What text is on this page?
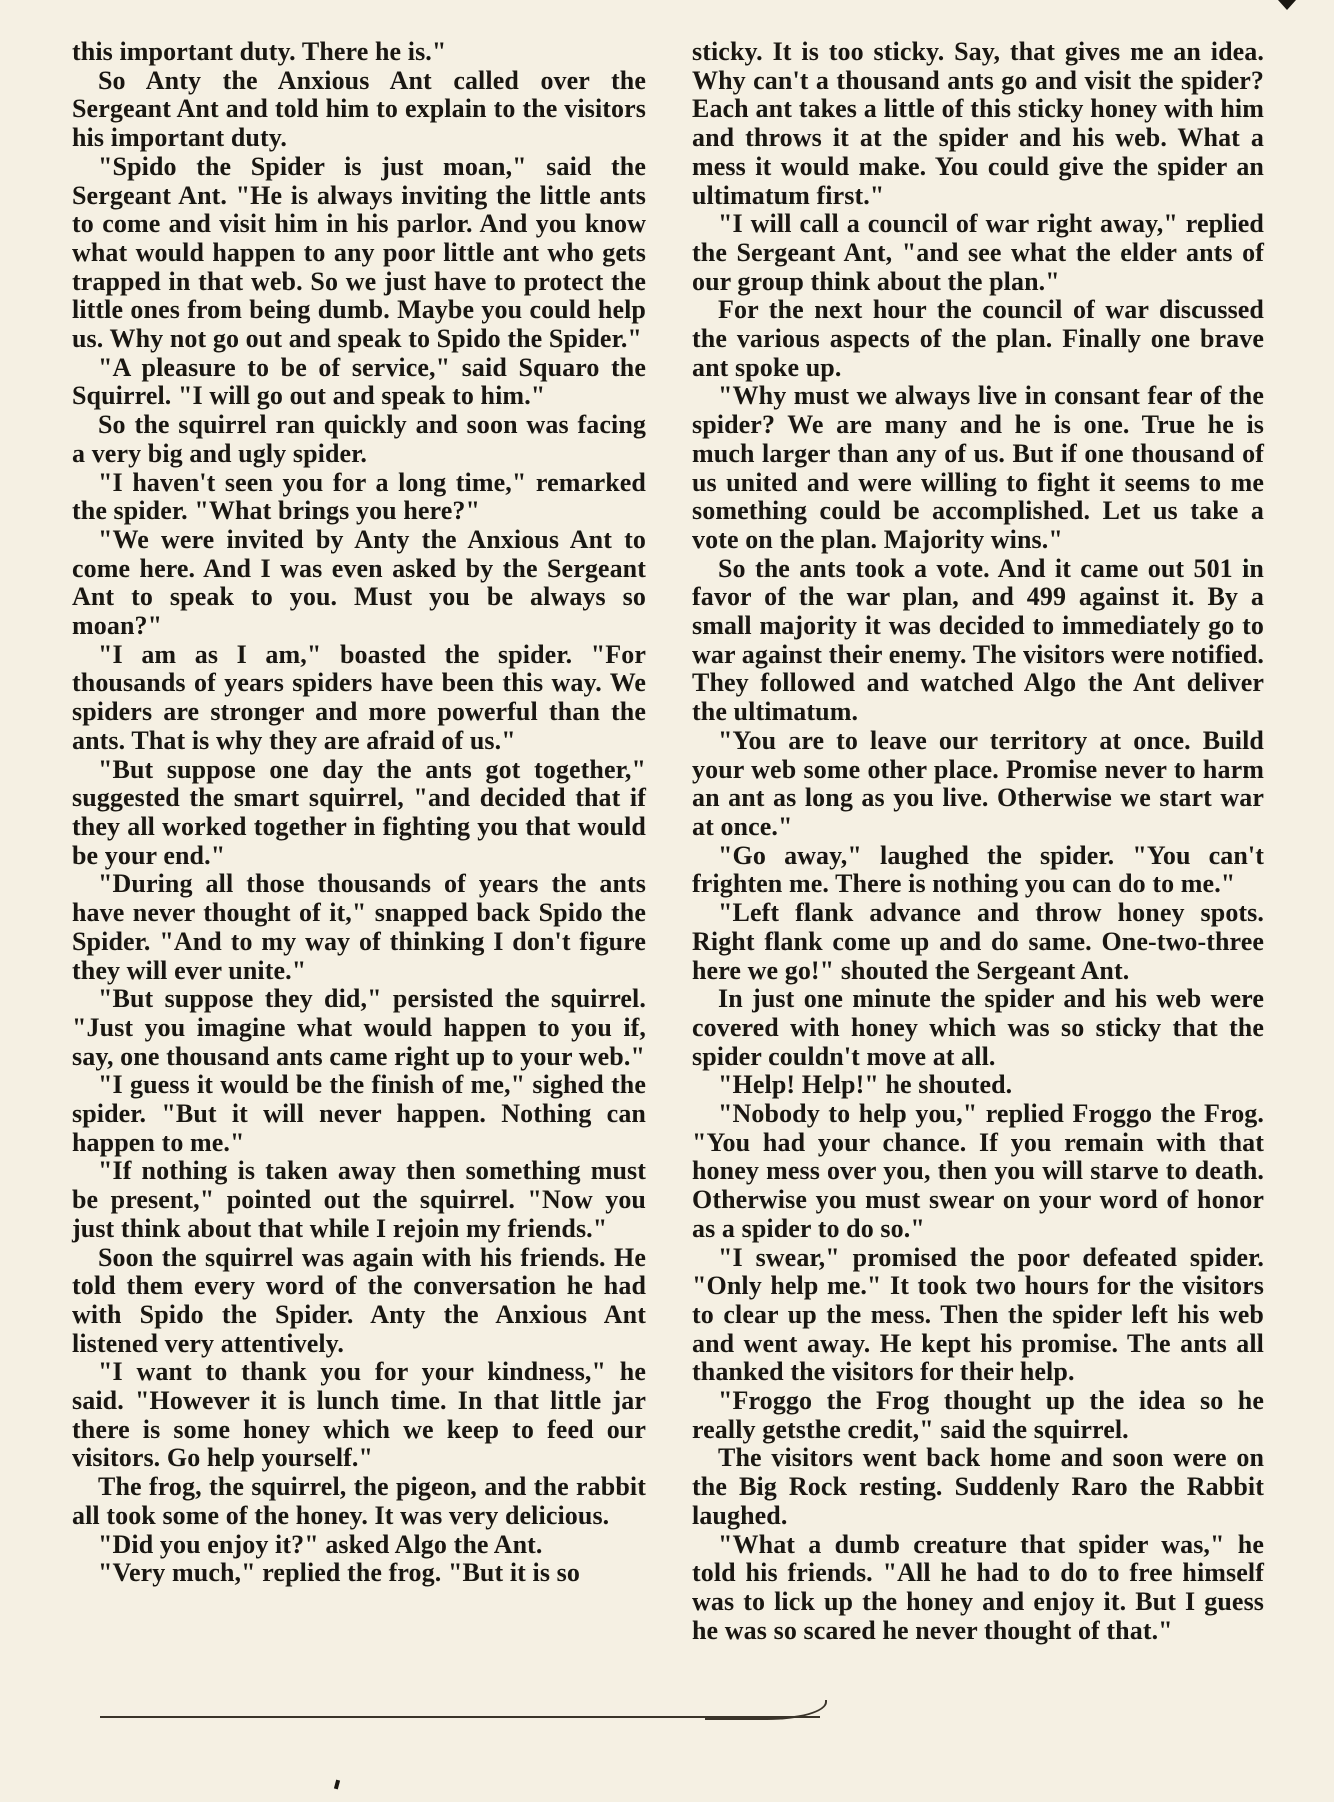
this important duty. There he is."

So Anty the Anxious Ant called over the Sergeant Ant and told him to explain to the visitors his important duty.

"Spido the Spider is just moan," said the Sergeant Ant. "He is always inviting the little ants to come and visit him in his parlor. And you know what would happen to any poor little ant who gets trapped in that web. So we just have to protect the little ones from being dumb. Maybe you could help us. Why not go out and speak to Spido the Spider."

"A pleasure to be of service," said Squaro the Squirrel. "I will go out and speak to him."

So the squirrel ran quickly and soon was facing a very big and ugly spider.

"I haven't seen you for a long time," remarked the spider. "What brings you here?"

"We were invited by Anty the Anxious Ant to come here. And I was even asked by the Sergeant Ant to speak to you. Must you be always so moan?"

"I am as I am," boasted the spider. "For thousands of years spiders have been this way. We spiders are stronger and more powerful than the ants. That is why they are afraid of us."

"But suppose one day the ants got together," suggested the smart squirrel, "and decided that if they all worked together in fighting you that would be your end."

"During all those thousands of years the ants have never thought of it," snapped back Spido the Spider. "And to my way of thinking I don't figure they will ever unite."

"But suppose they did," persisted the squirrel. "Just you imagine what would happen to you if, say, one thousand ants came right up to your web."

"I guess it would be the finish of me," sighed the spider. "But it will never happen. Nothing can happen to me."

"If nothing is taken away then something must be present," pointed out the squirrel. "Now you just think about that while I rejoin my friends."

Soon the squirrel was again with his friends. He told them every word of the conversation he had with Spido the Spider. Anty the Anxious Ant listened very attentively.

"I want to thank you for your kindness," he said. "However it is lunch time. In that little jar there is some honey which we keep to feed our visitors. Go help yourself."

The frog, the squirrel, the pigeon, and the rabbit all took some of the honey. It was very delicious.

"Did you enjoy it?" asked Algo the Ant.

"Very much," replied the frog. "But it is so

sticky. It is too sticky. Say, that gives me an idea. Why can't a thousand ants go and visit the spider? Each ant takes a little of this sticky honey with him and throws it at the spider and his web. What a mess it would make. You could give the spider an ultimatum first."

"I will call a council of war right away," replied the Sergeant Ant, "and see what the elder ants of our group think about the plan."

For the next hour the council of war discussed the various aspects of the plan. Finally one brave ant spoke up.

"Why must we always live in consant fear of the spider? We are many and he is one. True he is much larger than any of us. But if one thousand of us united and were willing to fight it seems to me something could be accomplished. Let us take a vote on the plan. Majority wins."

So the ants took a vote. And it came out 501 in favor of the war plan, and 499 against it. By a small majority it was decided to immediately go to war against their enemy. The visitors were notified. They followed and watched Algo the Ant deliver the ultimatum.

"You are to leave our territory at once. Build your web some other place. Promise never to harm an ant as long as you live. Otherwise we start war at once."

"Go away," laughed the spider. "You can't frighten me. There is nothing you can do to me."

"Left flank advance and throw honey spots. Right flank come up and do same. One-two-three here we go!" shouted the Sergeant Ant.

In just one minute the spider and his web were covered with honey which was so sticky that the spider couldn't move at all.

"Help! Help!" he shouted.

"Nobody to help you," replied Froggo the Frog. "You had your chance. If you remain with that honey mess over you, then you will starve to death. Otherwise you must swear on your word of honor as a spider to do so."

"I swear," promised the poor defeated spider. "Only help me." It took two hours for the visitors to clear up the mess. Then the spider left his web and went away. He kept his promise. The ants all thanked the visitors for their help.

"Froggo the Frog thought up the idea so he really getsthe credit," said the squirrel.

The visitors went back home and soon were on the Big Rock resting. Suddenly Raro the Rabbit laughed.

"What a dumb creature that spider was," he told his friends. "All he had to do to free himself was to lick up the honey and enjoy it. But I guess he was so scared he never thought of that."
